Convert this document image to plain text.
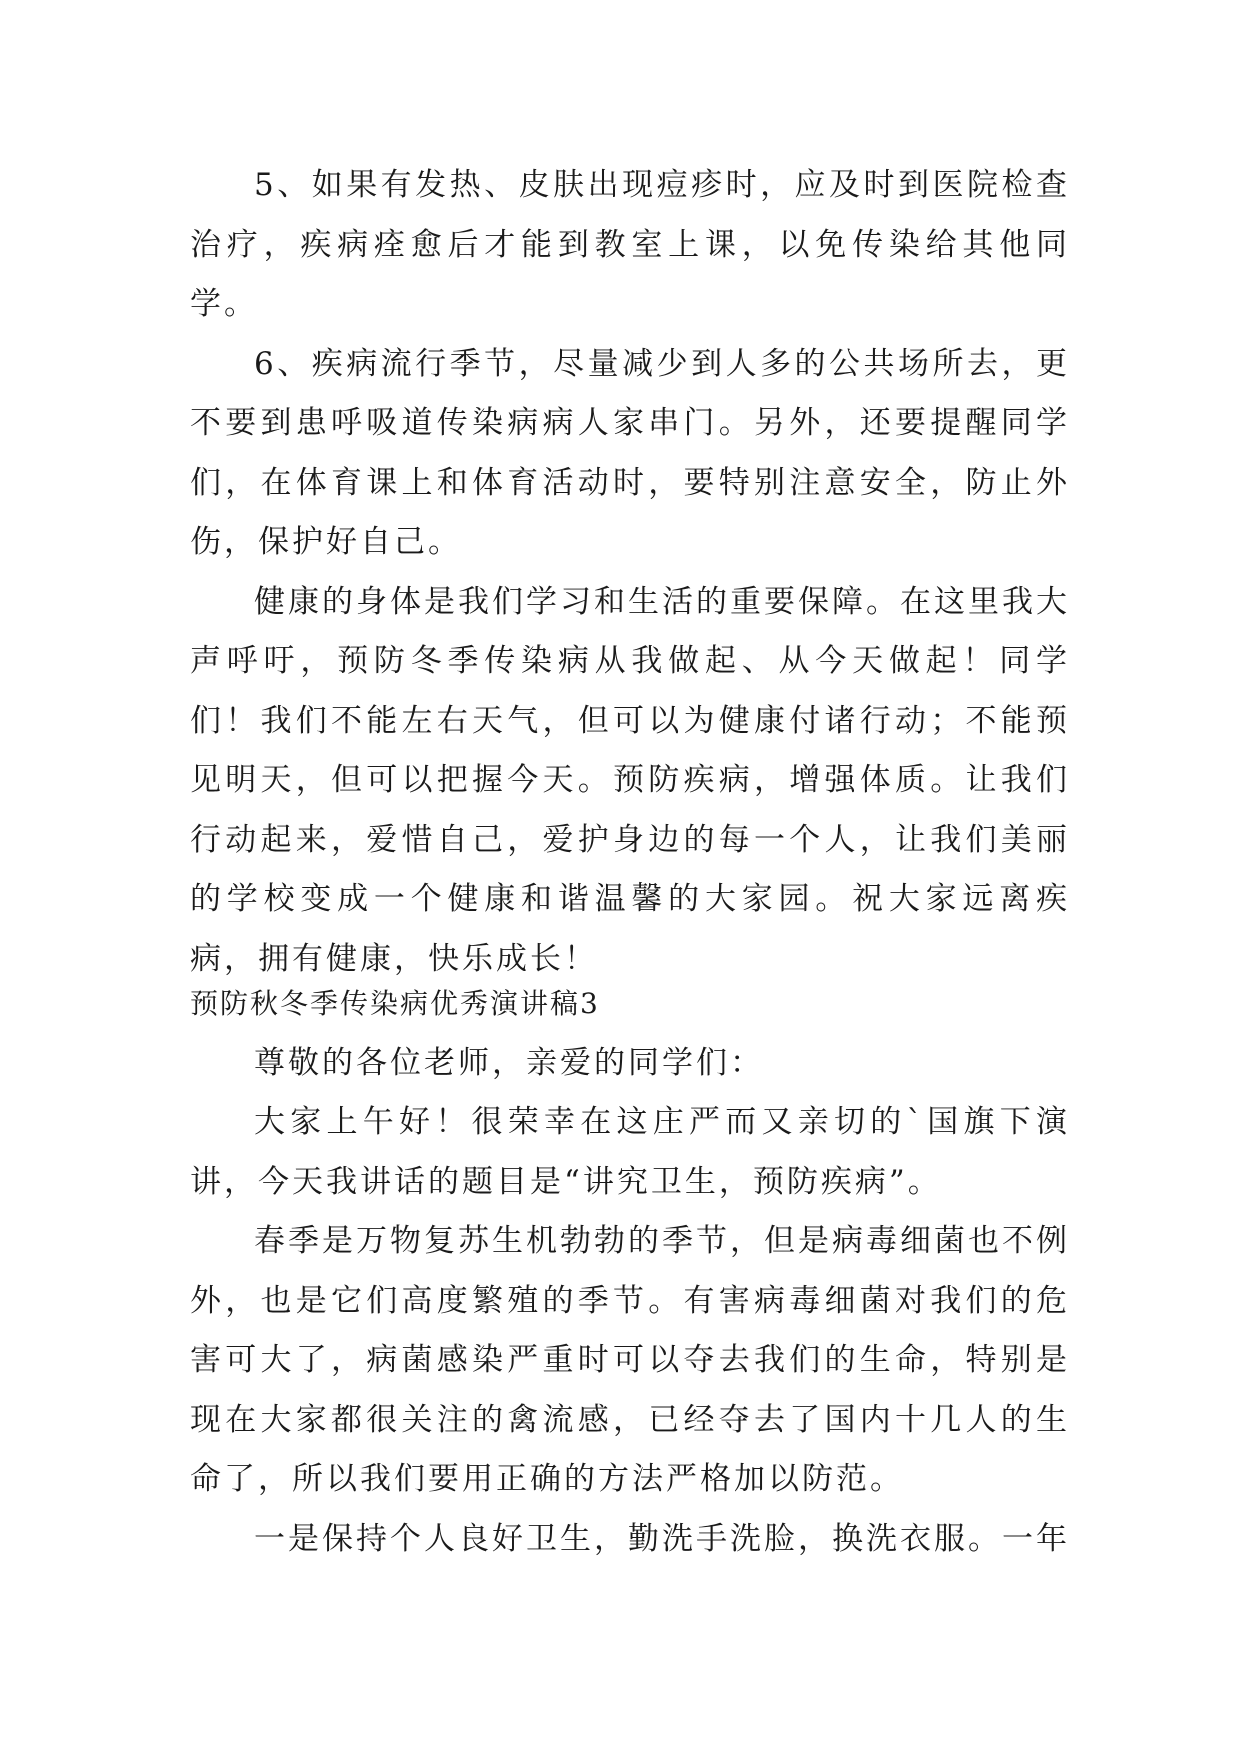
5、如果有发热、皮肤出现痘疹时，应及时到医院检查治疗，疾病痊愈后才能到教室上课，以免传染给其他同学。

6、疾病流行季节，尽量减少到人多的公共场所去，更不要到患呼吸道传染病病人家串门。另外，还要提醒同学们，在体育课上和体育活动时，要特别注意安全，防止外伤，保护好自己。

健康的身体是我们学习和生活的重要保障。在这里我大声呼吁，预防冬季传染病从我做起、从今天做起！同学们！我们不能左右天气，但可以为健康付诸行动；不能预见明天，但可以把握今天。预防疾病，增强体质。让我们行动起来，爱惜自己，爱护身边的每一个人，让我们美丽的学校变成一个健康和谐温馨的大家园。祝大家远离疾病，拥有健康，快乐成长！

预防秋冬季传染病优秀演讲稿3

尊敬的各位老师，亲爱的同学们：

大家上午好！很荣幸在这庄严而又亲切的`国旗下演讲，今天我讲话的题目是“讲究卫生，预防疾病”。

春季是万物复苏生机勃勃的季节，但是病毒细菌也不例外，也是它们高度繁殖的季节。有害病毒细菌对我们的危害可大了，病菌感染严重时可以夺去我们的生命，特别是现在大家都很关注的禽流感，已经夺去了国内十几人的生命了，所以我们要用正确的方法严格加以防范。

一是保持个人良好卫生，勤洗手洗脸，换洗衣服。一年
